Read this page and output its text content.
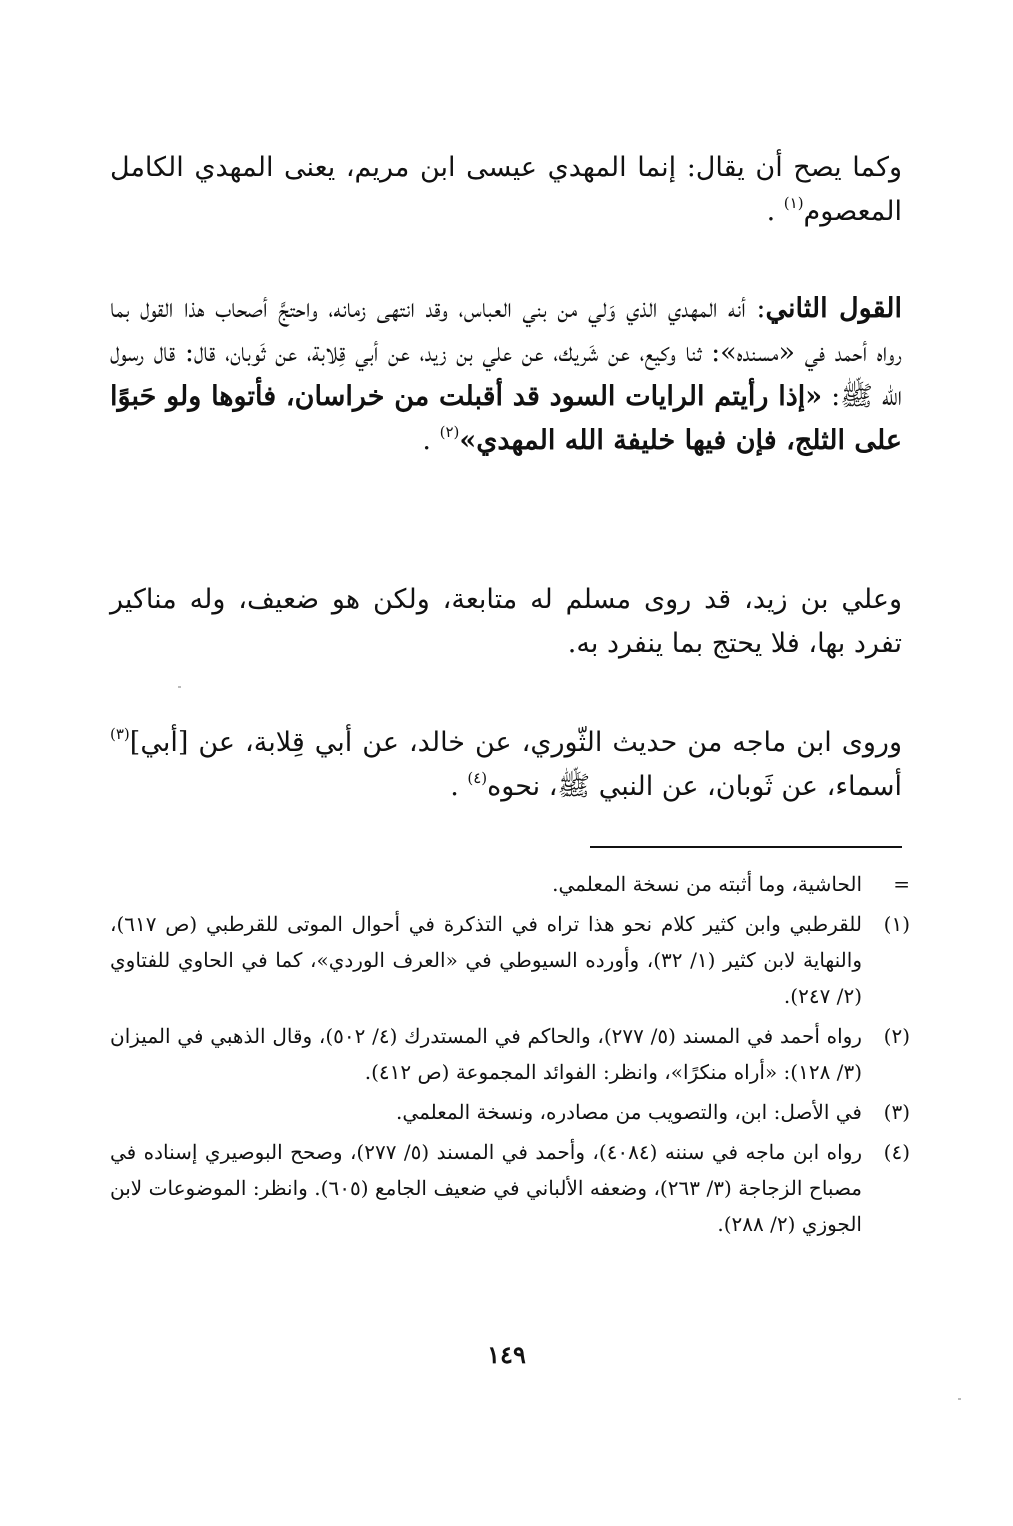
وكما يصح أن يقال: إنما المهدي عيسى ابن مريم، يعنى المهدي الكامل المعصوم$^{(١)}$ .

القول الثاني: أنه المهدي الذي وَلي من بني العباس، وقد انتهى زمانه، واحتجَّ أصحاب هذا القول بما رواه أحمد في «مسنده»: ثنا وكيع، عن شَريك، عن علي بن زيد، عن أبي قِلابة، عن ثَوبان، قال: قال رسول الله ﷺ: «إذا رأيتم الرايات السود قد أقبلت من خراسان، فأتوها ولو حَبوًا على الثلج، فإن فيها خليفة الله المهدي»$^{(٢)}$ .

وعلي بن زيد، قد روى مسلم له متابعة، ولكن هو ضعيف، وله مناكير تفرد بها، فلا يحتج بما ينفرد به.

وروى ابن ماجه من حديث الثّوري، عن خالد، عن أبي قِلابة، عن [أبي]$^{(٣)}$ أسماء، عن ثَوبان، عن النبي ﷺ، نحوه$^{(٤)}$ .

=
الحاشية، وما أثبته من نسخة المعلمي.
(١)
للقرطبي وابن كثير كلام نحو هذا تراه في التذكرة في أحوال الموتى للقرطبي (ص ٦١٧)، والنهاية لابن كثير (١/ ٣٢)، وأورده السيوطي في «العرف الوردي»، كما في الحاوي للفتاوي (٢/ ٢٤٧).
(٢)
رواه أحمد في المسند (٥/ ٢٧٧)، والحاكم في المستدرك (٤/ ٥٠٢)، وقال الذهبي في الميزان (٣/ ١٢٨): «أراه منكرًا»، وانظر: الفوائد المجموعة (ص ٤١٢).
(٣)
في الأصل: ابن، والتصويب من مصادره، ونسخة المعلمي.
(٤)
رواه ابن ماجه في سننه (٤٠٨٤)، وأحمد في المسند (٥/ ٢٧٧)، وصحح البوصيري إسناده في مصباح الزجاجة (٣/ ٢٦٣)، وضعفه الألباني في ضعيف الجامع (٦٠٥). وانظر: الموضوعات لابن الجوزي (٢/ ٢٨٨).
١٤٩
